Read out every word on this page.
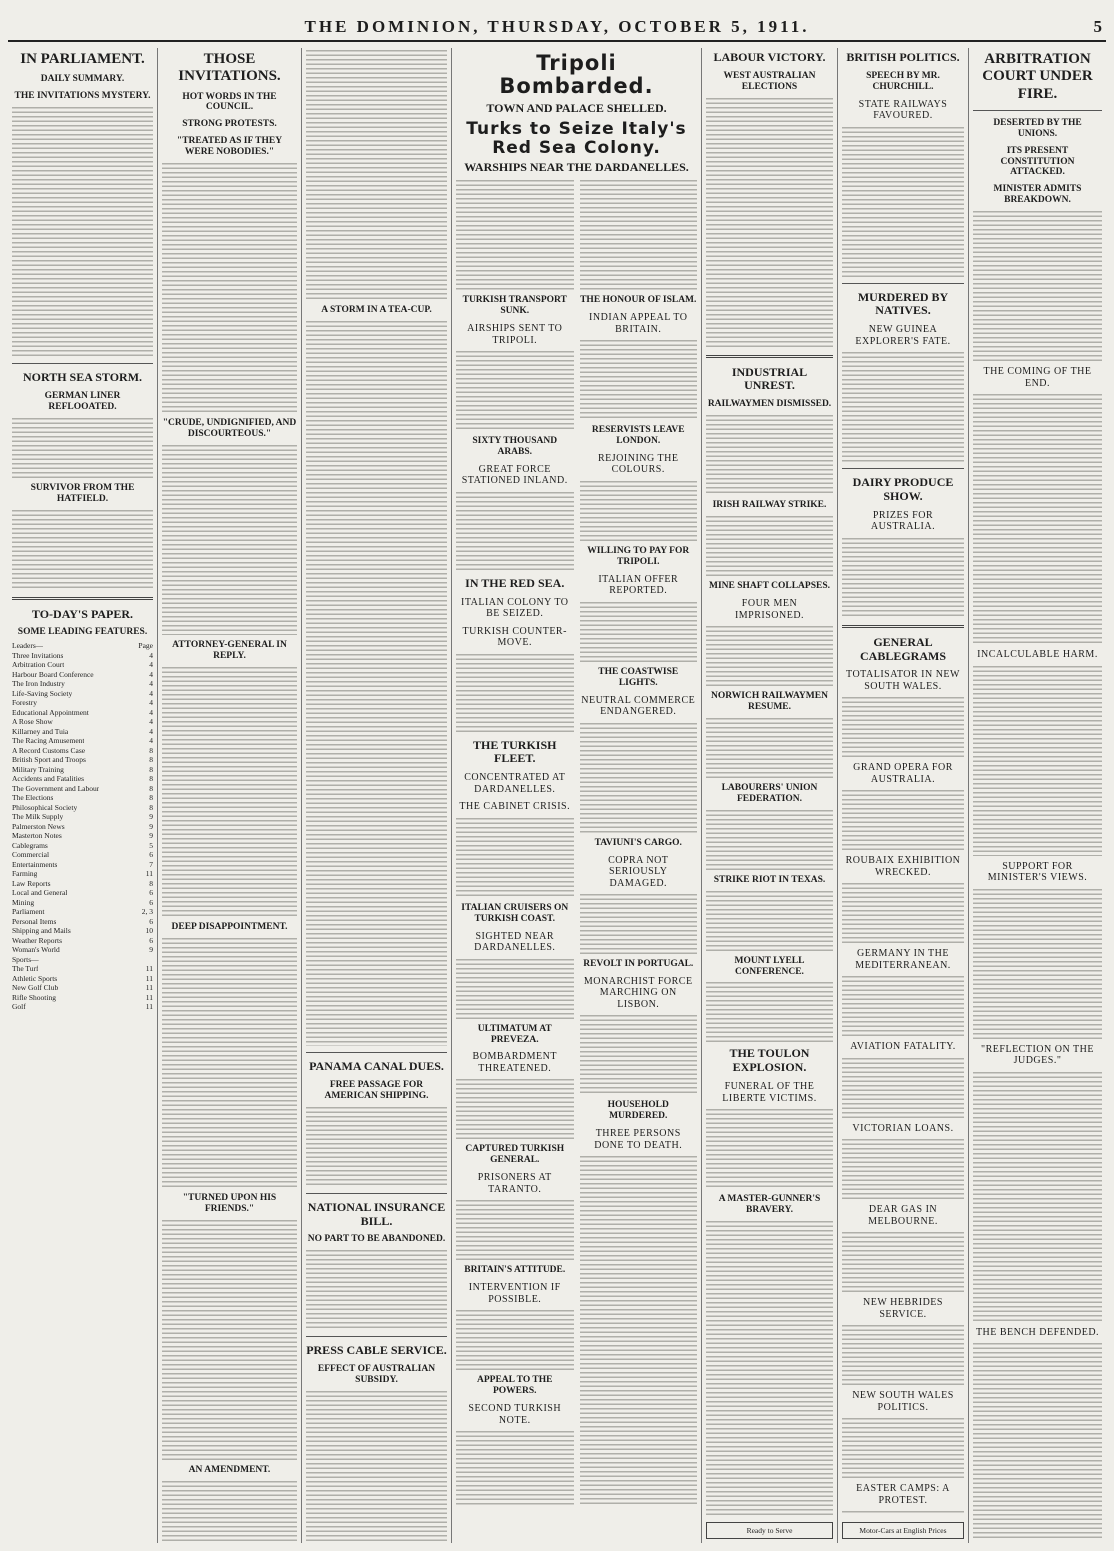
THE DOMINION, THURSDAY, OCTOBER 5, 1911.	5
IN PARLIAMENT.
DAILY SUMMARY.
THE INVITATIONS MYSTERY.
NORTH SEA STORM.
GERMAN LINER REFLOOATED.
SURVIVOR FROM THE HATFIELD.
TO-DAY'S PAPER.
SOME LEADING FEATURES.
Leaders—	Page
Three Invitations	4
Arbitration Court	4
Harbour Board Conference	4
The Iron Industry	4
Life-Saving Society	4
Forestry	4
Educational Appointment	4
A Rose Show	4
Killarney and Tuia	4
The Racing Amusement	4
A Record Customs Case	8
British Sport and Troops	8
Military Training	8
Accidents and Fatalities	8
The Government and Labour	8
The Elections	8
Philosophical Society	8
The Milk Supply	9
Palmerston News	9
Masterton Notes	9
Cablegrams	5
Commercial	6
Entertainments	7
Farming	11
Law Reports	8
Local and General	6
Mining	6
Parliament	2, 3
Personal Items	6
Shipping and Mails	10
Weather Reports	6
Woman's World	9
Sports—
The Turf	11
Athletic Sports	11
New Golf Club	11
Rifle Shooting	11
Golf	11
THOSE INVITATIONS.
HOT WORDS IN THE COUNCIL.
STRONG PROTESTS.
"TREATED AS IF THEY WERE NOBODIES."
"CRUDE, UNDIGNIFIED, AND DISCOURTEOUS."
ATTORNEY-GENERAL IN REPLY.
DEEP DISAPPOINTMENT.
"TURNED UPON HIS FRIENDS."
AN AMENDMENT.
A STORM IN A TEA-CUP.
PANAMA CANAL DUES.
FREE PASSAGE FOR AMERICAN SHIPPING.
NATIONAL INSURANCE BILL.
NO PART TO BE ABANDONED.
PRESS CABLE SERVICE.
EFFECT OF AUSTRALIAN SUBSIDY.
Tripoli Bombarded.
TOWN AND PALACE SHELLED.
Turks to Seize Italy's Red Sea Colony.
WARSHIPS NEAR THE DARDANELLES.
TURKISH TRANSPORT SUNK.
AIRSHIPS SENT TO TRIPOLI.
SIXTY THOUSAND ARABS.
GREAT FORCE STATIONED INLAND.
IN THE RED SEA.
ITALIAN COLONY TO BE SEIZED.
TURKISH COUNTER-MOVE.
THE TURKISH FLEET.
CONCENTRATED AT DARDANELLES.
THE CABINET CRISIS.
ITALIAN CRUISERS ON TURKISH COAST.
SIGHTED NEAR DARDANELLES.
ULTIMATUM AT PREVEZA.
BOMBARDMENT THREATENED.
CAPTURED TURKISH GENERAL.
PRISONERS AT TARANTO.
BRITAIN'S ATTITUDE.
INTERVENTION IF POSSIBLE.
APPEAL TO THE POWERS.
SECOND TURKISH NOTE.
THE HONOUR OF ISLAM.
INDIAN APPEAL TO BRITAIN.
RESERVISTS LEAVE LONDON.
REJOINING THE COLOURS.
WILLING TO PAY FOR TRIPOLI.
ITALIAN OFFER REPORTED.
THE COASTWISE LIGHTS.
NEUTRAL COMMERCE ENDANGERED.
TAVIUNI'S CARGO.
COPRA NOT SERIOUSLY DAMAGED.
REVOLT IN PORTUGAL.
MONARCHIST FORCE MARCHING ON LISBON.
HOUSEHOLD MURDERED.
THREE PERSONS DONE TO DEATH.
LABOUR VICTORY.
WEST AUSTRALIAN ELECTIONS
INDUSTRIAL UNREST.
RAILWAYMEN DISMISSED.
IRISH RAILWAY STRIKE.
MINE SHAFT COLLAPSES.
FOUR MEN IMPRISONED.
NORWICH RAILWAYMEN RESUME.
LABOURERS' UNION FEDERATION.
STRIKE RIOT IN TEXAS.
MOUNT LYELL CONFERENCE.
THE TOULON EXPLOSION.
FUNERAL OF THE LIBERTE VICTIMS.
A MASTER-GUNNER'S BRAVERY.
Ready to Serve
BRITISH POLITICS.
SPEECH BY MR. CHURCHILL.
STATE RAILWAYS FAVOURED.
MURDERED BY NATIVES.
NEW GUINEA EXPLORER'S FATE.
DAIRY PRODUCE SHOW.
PRIZES FOR AUSTRALIA.
GENERAL CABLEGRAMS
TOTALISATOR IN NEW SOUTH WALES.
GRAND OPERA FOR AUSTRALIA.
ROUBAIX EXHIBITION WRECKED.
GERMANY IN THE MEDITERRANEAN.
AVIATION FATALITY.
VICTORIAN LOANS.
DEAR GAS IN MELBOURNE.
NEW HEBRIDES SERVICE.
NEW SOUTH WALES POLITICS.
EASTER CAMPS: A PROTEST.
Motor-Cars at English Prices
ARBITRATION COURT UNDER FIRE.
DESERTED BY THE UNIONS.
ITS PRESENT CONSTITUTION ATTACKED.
MINISTER ADMITS BREAKDOWN.
THE COMING OF THE END.
INCALCULABLE HARM.
SUPPORT FOR MINISTER'S VIEWS.
"REFLECTION ON THE JUDGES."
THE BENCH DEFENDED.
